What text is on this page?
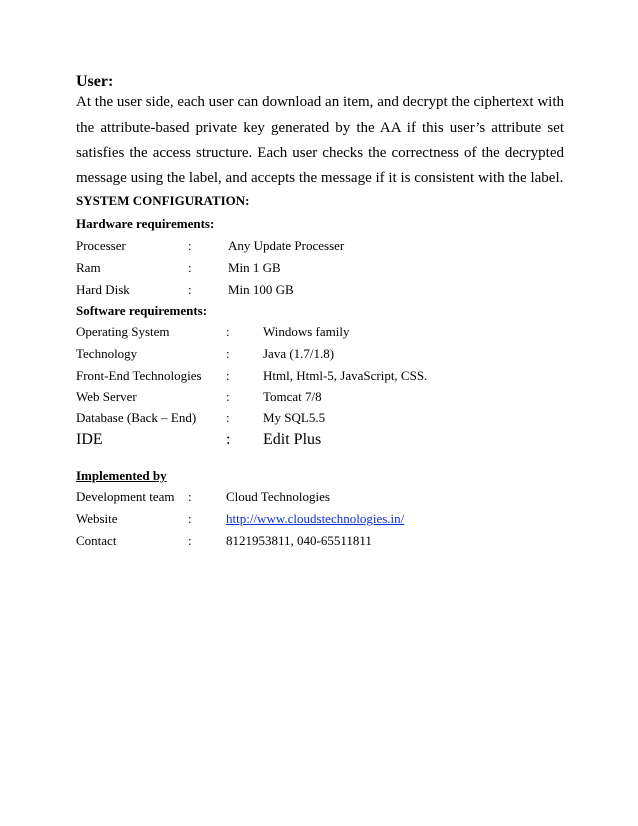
User:
At the user side, each user can download an item, and decrypt the ciphertext with
the attribute-based private key generated by the AA if this user’s attribute set
satisfies the access structure. Each user checks the correctness of the decrypted
message using the label, and accepts the message if it is consistent with the label.
SYSTEM CONFIGURATION:
Hardware requirements:
Processer	:	Any Update Processer
Ram	:	Min 1 GB
Hard Disk	:	Min 100 GB
Software requirements:
Operating System	:	Windows family
Technology	:	Java (1.7/1.8)
Front-End Technologies :	Html, Html-5, JavaScript, CSS.
Web Server	:	Tomcat 7/8
Database (Back – End) :	My SQL5.5
IDE	: Edit Plus
Implemented by
Development team :	Cloud Technologies
Website	:	http://www.cloudstechnologies.in/
Contact	:	8121953811, 040-65511811
